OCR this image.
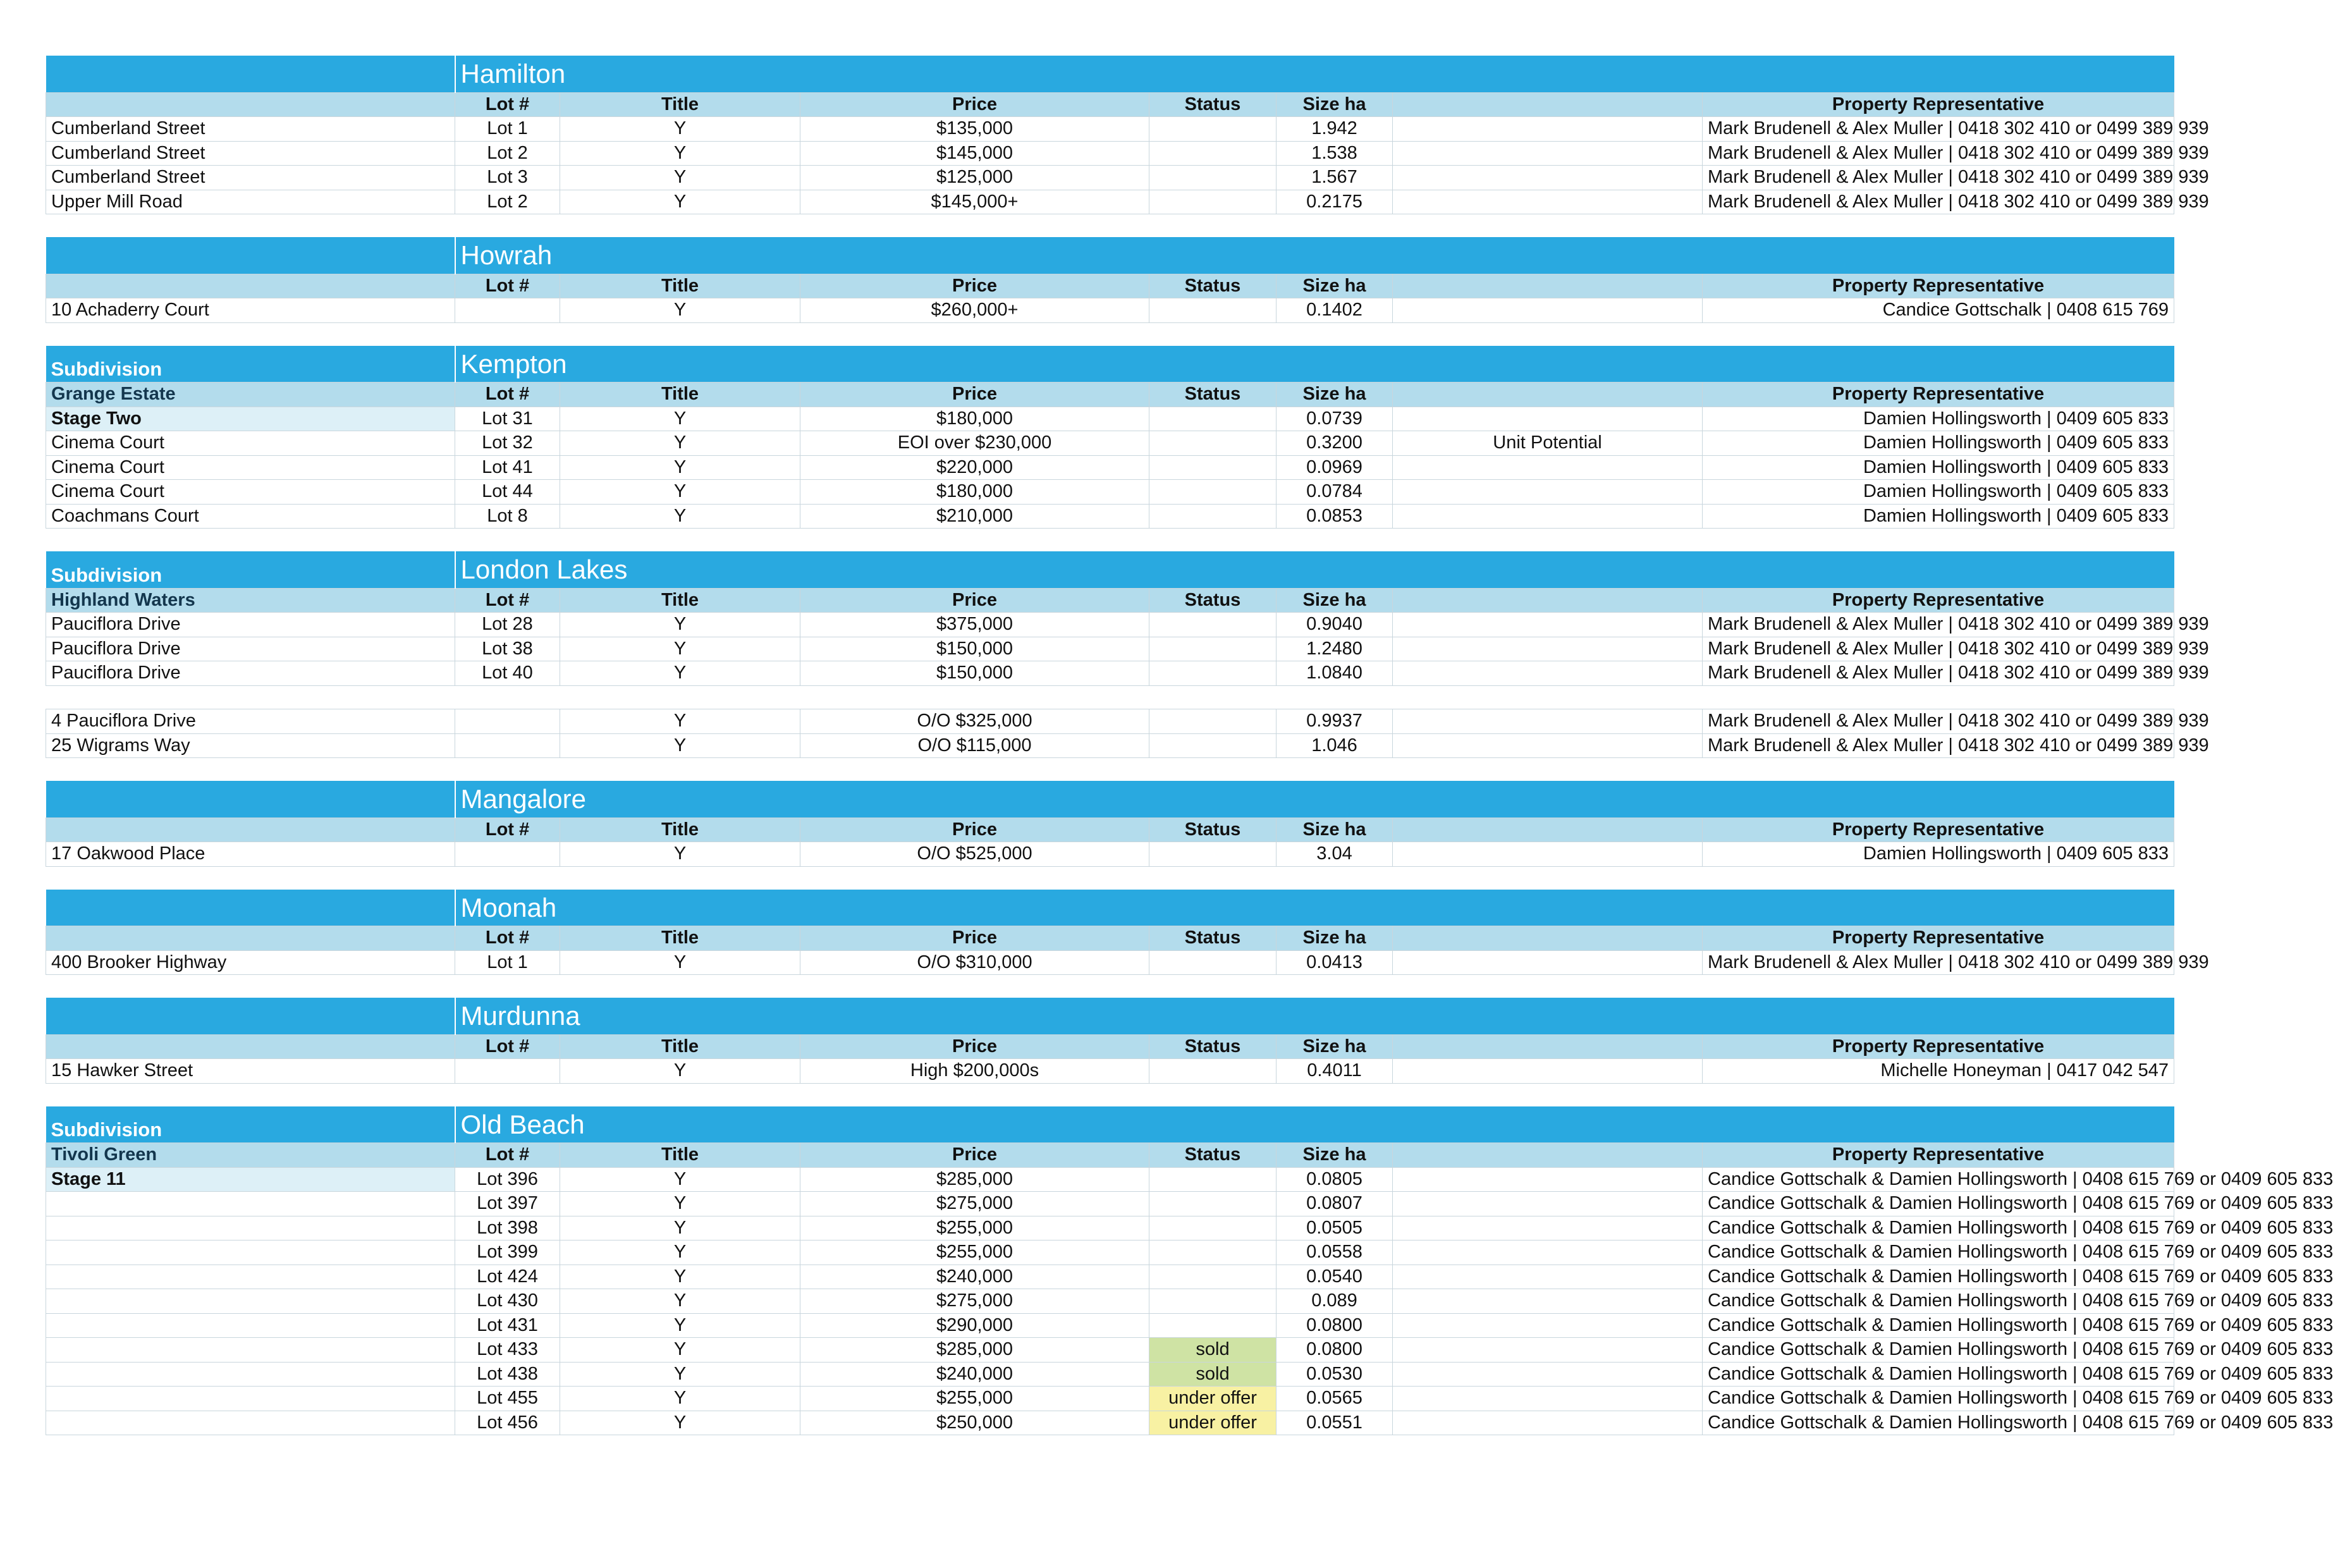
	Hamilton						
	Lot #	Title	Price	Status	Size ha		Property Representative
Cumberland Street	Lot 1	Y	$135,000		1.942		Mark Brudenell & Alex Muller | 0418 302 410 or 0499 389 939
Cumberland Street	Lot 2	Y	$145,000		1.538		Mark Brudenell & Alex Muller | 0418 302 410 or 0499 389 939
Cumberland Street	Lot 3	Y	$125,000		1.567		Mark Brudenell & Alex Muller | 0418 302 410 or 0499 389 939
Upper Mill Road	Lot 2	Y	$145,000+		0.2175		Mark Brudenell & Alex Muller | 0418 302 410 or 0499 389 939
	Howrah						
	Lot #	Title	Price	Status	Size ha		Property Representative
10 Achaderry Court		Y	$260,000+		0.1402		Candice Gottschalk | 0408 615 769
Subdivision	Kempton						
Grange Estate	Lot #	Title	Price	Status	Size ha		Property Representative
Stage Two	Lot 31	Y	$180,000		0.0739		Damien Hollingsworth | 0409 605 833
Cinema Court	Lot 32	Y	EOI over $230,000		0.3200	Unit Potential	Damien Hollingsworth | 0409 605 833
Cinema Court	Lot 41	Y	$220,000		0.0969		Damien Hollingsworth | 0409 605 833
Cinema Court	Lot 44	Y	$180,000		0.0784		Damien Hollingsworth | 0409 605 833
Coachmans Court	Lot 8	Y	$210,000		0.0853		Damien Hollingsworth | 0409 605 833
Subdivision	London Lakes						
Highland Waters	Lot #	Title	Price	Status	Size ha		Property Representative
Pauciflora Drive	Lot 28	Y	$375,000		0.9040		Mark Brudenell & Alex Muller | 0418 302 410 or 0499 389 939
Pauciflora Drive	Lot 38	Y	$150,000		1.2480		Mark Brudenell & Alex Muller | 0418 302 410 or 0499 389 939
Pauciflora Drive	Lot 40	Y	$150,000		1.0840		Mark Brudenell & Alex Muller | 0418 302 410 or 0499 389 939

4 Pauciflora Drive		Y	O/O $325,000		0.9937		Mark Brudenell & Alex Muller | 0418 302 410 or 0499 389 939
25 Wigrams Way		Y	O/O $115,000		1.046		Mark Brudenell & Alex Muller | 0418 302 410 or 0499 389 939
	Mangalore						
	Lot #	Title	Price	Status	Size ha		Property Representative
17 Oakwood Place		Y	O/O $525,000		3.04		Damien Hollingsworth | 0409 605 833
	Moonah						
	Lot #	Title	Price	Status	Size ha		Property Representative
400 Brooker Highway	Lot 1	Y	O/O $310,000		0.0413		Mark Brudenell & Alex Muller | 0418 302 410 or 0499 389 939
	Murdunna						
	Lot #	Title	Price	Status	Size ha		Property Representative
15 Hawker Street		Y	High $200,000s		0.4011		Michelle Honeyman | 0417 042 547
Subdivision	Old Beach						
Tivoli Green	Lot #	Title	Price	Status	Size ha		Property Representative
Stage 11	Lot 396	Y	$285,000		0.0805		Candice Gottschalk & Damien Hollingsworth | 0408 615 769 or 0409 605 833
	Lot 397	Y	$275,000		0.0807		Candice Gottschalk & Damien Hollingsworth | 0408 615 769 or 0409 605 833
	Lot 398	Y	$255,000		0.0505		Candice Gottschalk & Damien Hollingsworth | 0408 615 769 or 0409 605 833
	Lot 399	Y	$255,000		0.0558		Candice Gottschalk & Damien Hollingsworth | 0408 615 769 or 0409 605 833
	Lot 424	Y	$240,000		0.0540		Candice Gottschalk & Damien Hollingsworth | 0408 615 769 or 0409 605 833
	Lot 430	Y	$275,000		0.089		Candice Gottschalk & Damien Hollingsworth | 0408 615 769 or 0409 605 833
	Lot 431	Y	$290,000		0.0800		Candice Gottschalk & Damien Hollingsworth | 0408 615 769 or 0409 605 833
	Lot 433	Y	$285,000	sold	0.0800		Candice Gottschalk & Damien Hollingsworth | 0408 615 769 or 0409 605 833
	Lot 438	Y	$240,000	sold	0.0530		Candice Gottschalk & Damien Hollingsworth | 0408 615 769 or 0409 605 833
	Lot 455	Y	$255,000	under offer	0.0565		Candice Gottschalk & Damien Hollingsworth | 0408 615 769 or 0409 605 833
	Lot 456	Y	$250,000	under offer	0.0551		Candice Gottschalk & Damien Hollingsworth | 0408 615 769 or 0409 605 833
